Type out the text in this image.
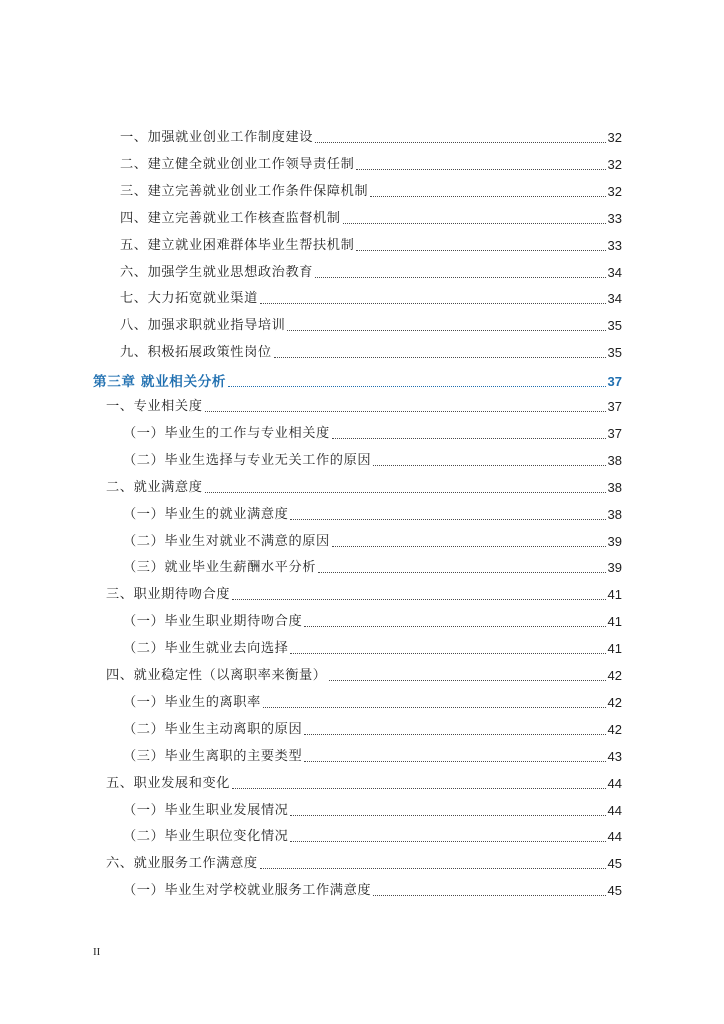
一、加强就业创业工作制度建设	32
二、建立健全就业创业工作领导责任制	32
三、建立完善就业创业工作条件保障机制	32
四、建立完善就业工作核查监督机制	33
五、建立就业困难群体毕业生帮扶机制	33
六、加强学生就业思想政治教育	34
七、大力拓宽就业渠道	34
八、加强求职就业指导培训	35
九、积极拓展政策性岗位	35
第三章 就业相关分析	37
一、专业相关度	37
（一）毕业生的工作与专业相关度	37
（二）毕业生选择与专业无关工作的原因	38
二、就业满意度	38
（一）毕业生的就业满意度	38
（二）毕业生对就业不满意的原因	39
（三）就业毕业生薪酬水平分析	39
三、职业期待吻合度	41
（一）毕业生职业期待吻合度	41
（二）毕业生就业去向选择	41
四、就业稳定性（以离职率来衡量）	42
（一）毕业生的离职率	42
（二）毕业生主动离职的原因	42
（三）毕业生离职的主要类型	43
五、职业发展和变化	44
（一）毕业生职业发展情况	44
（二）毕业生职位变化情况	44
六、就业服务工作满意度	45
（一）毕业生对学校就业服务工作满意度	45
II
